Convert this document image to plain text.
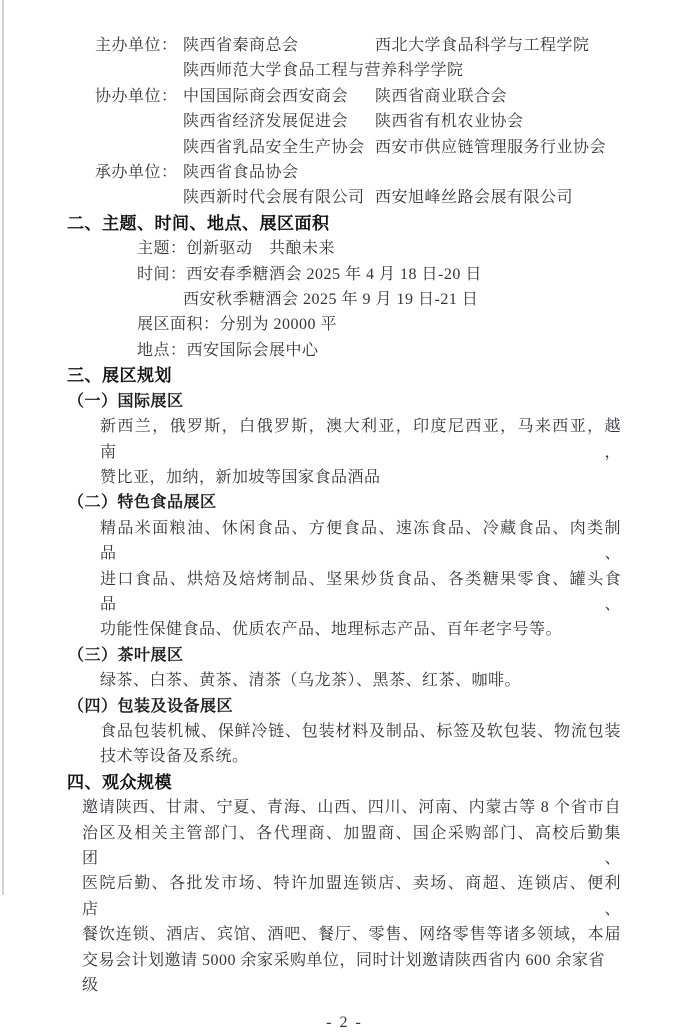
主办单位： 陕西省秦商总会	西北大学食品科学与工程学院
陕西师范大学食品工程与营养科学学院
协办单位： 中国国际商会西安商会	陕西省商业联合会
陕西省经济发展促进会	陕西省有机农业协会
陕西省乳品安全生产协会 西安市供应链管理服务行业协会
承办单位： 陕西省食品协会
陕西新时代会展有限公司 西安旭峰丝路会展有限公司
二、主题、时间、地点、展区面积
主题： 创新驱动　共酿未来
时间： 西安春季糖酒会 2025 年 4 月 18 日-20 日
西安秋季糖酒会 2025 年 9 月 19 日-21 日
展区面积： 分别为 20000 平
地点： 西安国际会展中心
三、展区规划
（一）国际展区
新西兰，俄罗斯，白俄罗斯，澳大利亚，印度尼西亚，马来西亚，越南，
赞比亚，加纳，新加坡等国家食品酒品
（二）特色食品展区
精品米面粮油、休闲食品、方便食品、速冻食品、冷藏食品、肉类制品、
进口食品、烘焙及焙烤制品、坚果炒货食品、各类糖果零食、罐头食品、
功能性保健食品、优质农产品、地理标志产品、百年老字号等。
（三）茶叶展区
绿茶、白茶、黄茶、清茶（乌龙茶）、黑茶、红茶、咖啡。
（四）包装及设备展区
食品包装机械、保鲜冷链、包装材料及制品、标签及软包装、物流包装
技术等设备及系统。
四、观众规模
邀请陕西、甘肃、宁夏、青海、山西、四川、河南、内蒙古等 8 个省市自
治区及相关主管部门、各代理商、加盟商、国企采购部门、高校后勤集团、
医院后勤、各批发市场、特许加盟连锁店、卖场、商超、连锁店、便利店、
餐饮连锁、酒店、宾馆、酒吧、餐厅、零售、网络零售等诸多领域，本届
交易会计划邀请 5000 余家采购单位，同时计划邀请陕西省内 600 余家省级
- 2 -
